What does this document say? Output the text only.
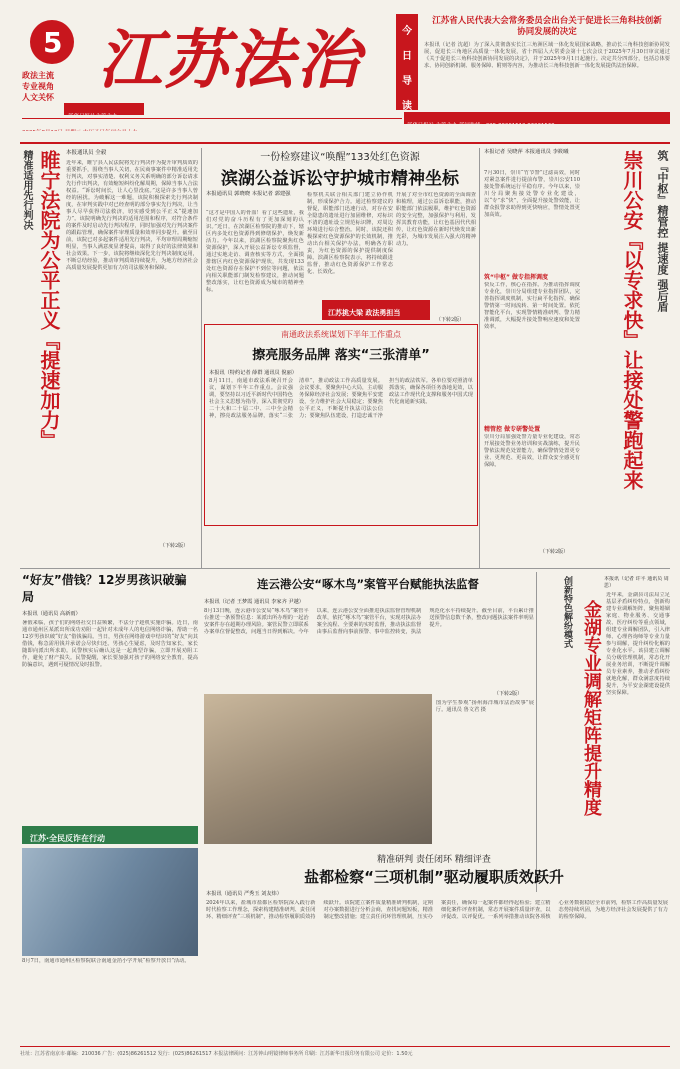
5
政法主流
专业视角
人文关怀 江苏法治	今
日
导
读
江苏省人民代表大会常务委员会出台关于促进长三角科技创新协同发展的决定
本报讯（记者 沈超）为了深入贯彻落实长江三角洲区域一体化发展国家战略，推动长三角科技创新协同发展，促进长三角地区高质量一体化发展，省十四届人大常委会第十七次会议于2025年7月30日审议通过《关于促进长三角科技创新协同发展的决定》，并于2025年9月1日起施行。决定共分四部分，包括总体要求、协同创新机制、服务保障、附则等内容，为推动长三角科技创新一体化发展提供法治保障。
精准适用先行判决 睢宁法院为公平正义『提速加力』 本报通讯员 全毅
近年来，睢宁县人民法院将先行判决作为提升审判质效的重要抓手，围绕当事人关切，在民商事案件中精准适用先行判决，对事实清楚、权利义务关系明确的部分诉讼请求先行作出判决，有效缩短纠纷化解周期，保障当事人合法权益。“诉讼时间长，让人心里没底。”这是许多当事人曾经的困扰。为破解这一难题，该院积极探索先行判决制度，在审判实践中对已经查明的部分事实先行判决，让当事人尽早获得司法救济，切实感受到公平正义“提速加力”。该院明确先行判决的适用范围和程序，对符合条件的案件及时启动先行判决程序，同时加强对先行判决案件的跟踪管理，确保案件审理质量和效率同步提升。截至目前，该院已对多起案件适用先行判决，平均审理周期缩短明显，当事人满意度显著提高，取得了良好的法律效果和社会效果。下一步，该院将继续深化先行判决制度运用，不断总结经验，推动审判质效持续提升，为地方经济社会高质量发展提供更加有力的司法服务和保障。
（下转2版）
一份检察建议“唤醒”133处红色资源
滨湖公益诉讼守护城市精神坐标
本报通讯员 郭晓晓 本报记者 郭建强
“这才是中国人的骨血！看了这些遗址，我们对党的奋斗历程有了更加深刻的认识。”近日，在滨湖区检察院的推动下，辖区内多处红色资源得到修缮保护，焕发新活力。今年以来，滨湖区检察院聚焦红色资源保护，深入开展公益诉讼专项监督，通过实地走访、调查核实等方式，全面摸排辖区内红色资源保护现状，共发现133处红色资源存在保护不到位等问题，依法向相关职能部门制发检察建议，推动问题整改落实，让红色资源成为城市的精神坐标。
检察机关联合相关部门建立协作机制，形成保护合力。通过检察建议的督促，职能部门迅速行动，对存在安全隐患的遗址进行加固维修，对标识不清的遗址设立规范标识牌，对周边环境进行综合整治。同时，该院还积极探索红色资源保护的长效机制，推动出台相关保护办法，明确各方职责，为红色资源的保护提供制度保障。滨湖区检察院表示，将持续跟进监督，推动红色资源保护工作常态化、长效化。
开展了对全市红色资源的全面调查和梳理，通过公益诉讼职能，推动职能部门依法履职，维护红色资源的安全完整，加强保护与利用，发挥其教育功能，让红色基因代代相传，让红色资源在新时代焕发出新光彩，为城市发展注入强大的精神动力。
（下转2版）
江苏挑大梁 政法勇担当
南通政法系统谋划下半年工作重点
擦亮服务品牌 落实“三张清单”
本报讯（特约记者 薛群 通讯员 倪丽）
8月11日，南通市政法系统召开会议，谋划下半年工作重点。会议强调，要坚持以习近平新时代中国特色社会主义思想为指导，深入贯彻党的二十大和二十届二中、三中全会精神，擦亮政法服务品牌，落实“三张清单”，推动政法工作高质量发展。会议要求，要聚焦中心大局，主动服务保障经济社会发展；要聚焦平安建设，全力维护社会大局稳定；要聚焦公平正义，不断提升执法司法公信力；要聚焦队伍建设，打造忠诚干净担当的政法铁军。各单位要对照清单抓落实，确保各项任务落地见效，以政法工作现代化支撑和服务中国式现代化南通新实践。
本报记者 吴晓萍 本报通讯员 李筱曦
7月30日，崇川“竹节警”过滤高效，同时对紧急案件进行提前布警，崇川公安110接处警系统运行平稳有序。今年以来，崇川分局聚焦接处警专业化建设，以“专”求“快”，全面提升接处警效能，让群众报警求助得到更快响应，警情处置更加高效。
筑“中枢” 做专指挥调度
快反工作，核心在指挥。为推动指挥调度专业化，崇川分局组建专业指挥团队，完善指挥调度机制，实行扁平化指挥，确保警情第一时间流转、第一时间处置。依托智能化平台，实现警情精准研判、警力精准调派，大幅提升接处警响应速度和处置效率。
精管控 做专研警处置
崇川分局加强处警力量专业化建设，常态开展接处警业务培训和实战演练，提升民警依法规范处置能力，确保警情处置更专业、更规范、更高效，让群众安全感更有保障。
（下转2版）
筑『中枢』精管控 提速度 强后盾
崇川公安『以专求快』让接处警跑起来
“好友”借钱？12岁男孩识破骗局
本报讯（通讯员 高新雨）
暑假来临，孩子们的网络社交日益频繁，不法分子趁机实施诈骗。近日，南通市通州区某派出所成功劝阻一起针对未成年人的电信网络诈骗，帮助一名12岁男孩识破“好友”借钱骗局。当日，男孩在网络游戏中结识的“好友”向其借钱，称急需用钱并承诺会尽快归还。男孩心生疑虑，及时告知家长，家长随即向派出所求助。民警核实后确认这是一起典型诈骗，立即开展劝阻工作，避免了财产损失。民警提醒，家长要加强对孩子的网络安全教育，提高防骗意识，遇到可疑情况及时报警。
连云港公安“啄木鸟”案管平台赋能执法监督
本报讯（记者 王梦霞 通讯员 李家齐 尹越）
8月13日晚，连云港市公安局“啄木鸟”案管平台推送一条预警信息：某派出所办理的一起治安案件存在超期办理风险。案管民警立即联系办案单位督促整改，问题当日得到解决。今年以来，连云港公安全面推进执法监督管理机制改革，依托“啄木鸟”案管平台，实现对执法办案全流程、全要素的实时监督，推动执法监督由事后监督向事前预警、事中监控转变，执法规范化水平持续提升。截至目前，平台累计推送预警信息数千条，整改问题执法案件率明显提升。
（下转2版）	金湖专业调解矩阵提升精度
创新特色解纷模式	本报讯（记者 许平 通讯员 周思）
近年来，金湖县司法局立足基层矛盾纠纷特点，创新构建专业调解矩阵，聚焦婚姻家庭、物业服务、交通事故、医疗纠纷等重点领域，组建专业调解团队，引入律师、心理咨询师等专业力量参与调解，提升纠纷化解的专业化水平。该县建立调解员分级管理机制，常态化开展业务培训，不断提升调解员专业素养，推动矛盾纠纷就地化解，群众满意度持续提升，为平安金湖建设提供坚实保障。
江苏·全民反诈在行动
图为学生参观“扬州海洋城市法治故事”展厅。通讯员 鲁文君 摄
8月7日，南通市通州区检察院联合南通金箔小学开展“检察开放日”活动。
精准研判 责任闭环 精细评查
盐都检察“三项机制”驱动履职质效跃升
本报讯（通讯员 严秀玉 刘友炜）
2024年以来，盐城市盐都区检察院深入践行新时代检察工作理念，探索构建精准研判、责任闭环、精细评查“三项机制”，推动检察履职质效持续跃升。该院建立案件质量精准研判机制，定期对办案数据进行分析会商，查找问题短板，精准制定整改措施；建立责任闭环管理机制，压实办案责任，确保每一起案件都经得起检验；建立精细化案件评查机制，常态开展案件质量评查，以评促改、以评促优。一系列举措推动该院各项核心业务数据稳居全市前列，检察工作高质量发展态势持续巩固，为地方经济社会发展提供了有力的检察保障。
社址：江苏省南京市·邮编：210036 广告：(025)86261512 发行：(025)86261517 本报法律顾问：江苏钟山明镜律师事务所 印刷：江苏新华日报印务有限公司 定价：1.50元
